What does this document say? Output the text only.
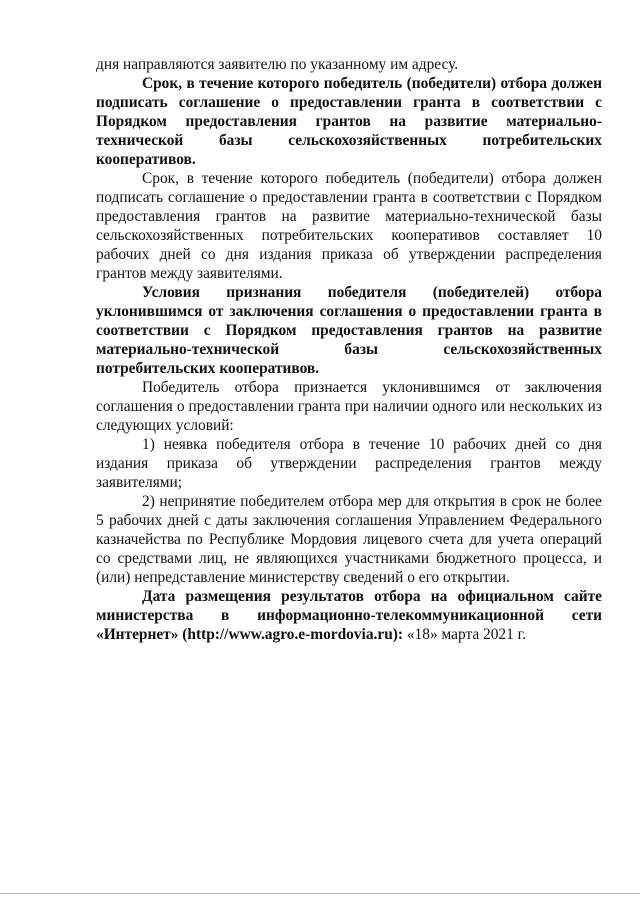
дня направляются заявителю по указанному им адресу.

Срок, в течение которого победитель (победители) отбора должен подписать соглашение о предоставлении гранта в соответствии с Порядком предоставления грантов на развитие материально-технической базы сельскохозяйственных потребительских кооперативов.

Срок, в течение которого победитель (победители) отбора должен подписать соглашение о предоставлении гранта в соответствии с Порядком предоставления грантов на развитие материально-технической базы сельскохозяйственных потребительских кооперативов составляет 10 рабочих дней со дня издания приказа об утверждении распределения грантов между заявителями.

Условия признания победителя (победителей) отбора уклонившимся от заключения соглашения о предоставлении гранта в соответствии с Порядком предоставления грантов на развитие материально-технической базы сельскохозяйственных потребительских кооперативов.

Победитель отбора признается уклонившимся от заключения соглашения о предоставлении гранта при наличии одного или нескольких из следующих условий:

1) неявка победителя отбора в течение 10 рабочих дней со дня издания приказа об утверждении распределения грантов между заявителями;

2) непринятие победителем отбора мер для открытия в срок не более 5 рабочих дней с даты заключения соглашения Управлением Федерального казначейства по Республике Мордовия лицевого счета для учета операций со средствами лиц, не являющихся участниками бюджетного процесса, и (или) непредставление министерству сведений о его открытии.

Дата размещения результатов отбора на официальном сайте министерства в информационно-телекоммуникационной сети «Интернет» (http://www.agro.e-mordovia.ru): «18» марта 2021 г.
